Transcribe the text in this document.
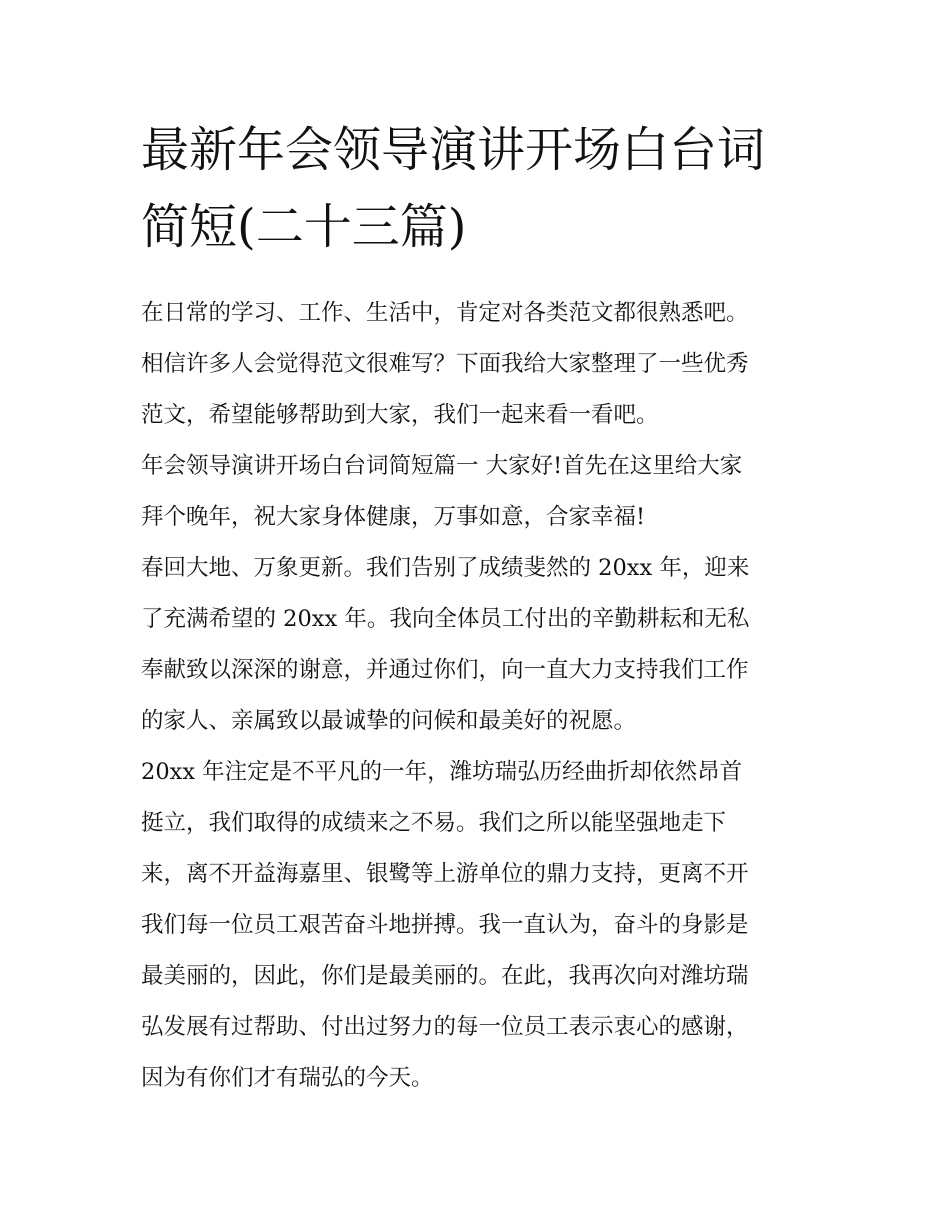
最新年会领导演讲开场白台词
简短(二十三篇)

在日常的学习、工作、生活中，肯定对各类范文都很熟悉吧。
相信许多人会觉得范文很难写？下面我给大家整理了一些优秀
范文，希望能够帮助到大家，我们一起来看一看吧。

年会领导演讲开场白台词简短篇一 大家好!首先在这里给大家
拜个晚年，祝大家身体健康，万事如意，合家幸福!

春回大地、万象更新。我们告别了成绩斐然的 20xx 年，迎来
了充满希望的 20xx 年。我向全体员工付出的辛勤耕耘和无私
奉献致以深深的谢意，并通过你们，向一直大力支持我们工作
的家人、亲属致以最诚挚的问候和最美好的祝愿。

20xx 年注定是不平凡的一年，潍坊瑞弘历经曲折却依然昂首
挺立，我们取得的成绩来之不易。我们之所以能坚强地走下
来，离不开益海嘉里、银鹭等上游单位的鼎力支持，更离不开
我们每一位员工艰苦奋斗地拼搏。我一直认为，奋斗的身影是
最美丽的，因此，你们是最美丽的。在此，我再次向对潍坊瑞
弘发展有过帮助、付出过努力的每一位员工表示衷心的感谢，
因为有你们才有瑞弘的今天。
